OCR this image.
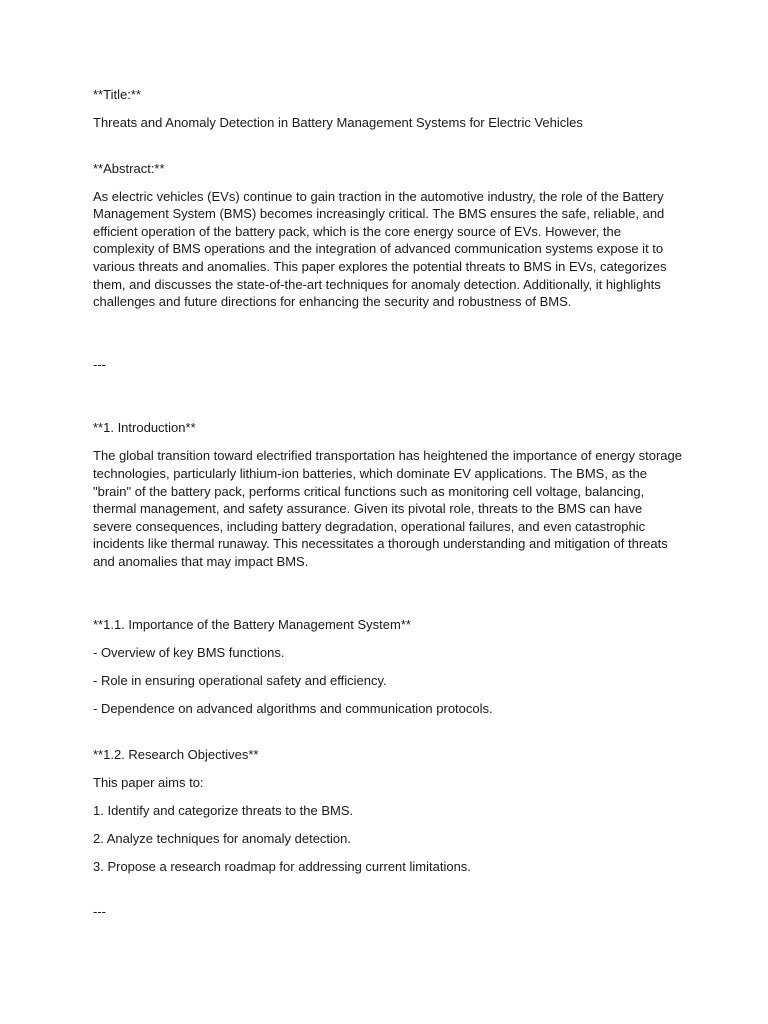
**Title:**

Threats and Anomaly Detection in Battery Management Systems for Electric Vehicles

**Abstract:**

As electric vehicles (EVs) continue to gain traction in the automotive industry, the role of the Battery Management System (BMS) becomes increasingly critical. The BMS ensures the safe, reliable, and efficient operation of the battery pack, which is the core energy source of EVs. However, the complexity of BMS operations and the integration of advanced communication systems expose it to various threats and anomalies. This paper explores the potential threats to BMS in EVs, categorizes them, and discusses the state-of-the-art techniques for anomaly detection. Additionally, it highlights challenges and future directions for enhancing the security and robustness of BMS.

---

**1. Introduction**

The global transition toward electrified transportation has heightened the importance of energy storage technologies, particularly lithium-ion batteries, which dominate EV applications. The BMS, as the "brain" of the battery pack, performs critical functions such as monitoring cell voltage, balancing, thermal management, and safety assurance. Given its pivotal role, threats to the BMS can have severe consequences, including battery degradation, operational failures, and even catastrophic incidents like thermal runaway. This necessitates a thorough understanding and mitigation of threats and anomalies that may impact BMS.

**1.1. Importance of the Battery Management System**

- Overview of key BMS functions.

- Role in ensuring operational safety and efficiency.

- Dependence on advanced algorithms and communication protocols.

**1.2. Research Objectives**

This paper aims to:

1. Identify and categorize threats to the BMS.

2. Analyze techniques for anomaly detection.

3. Propose a research roadmap for addressing current limitations.

---
